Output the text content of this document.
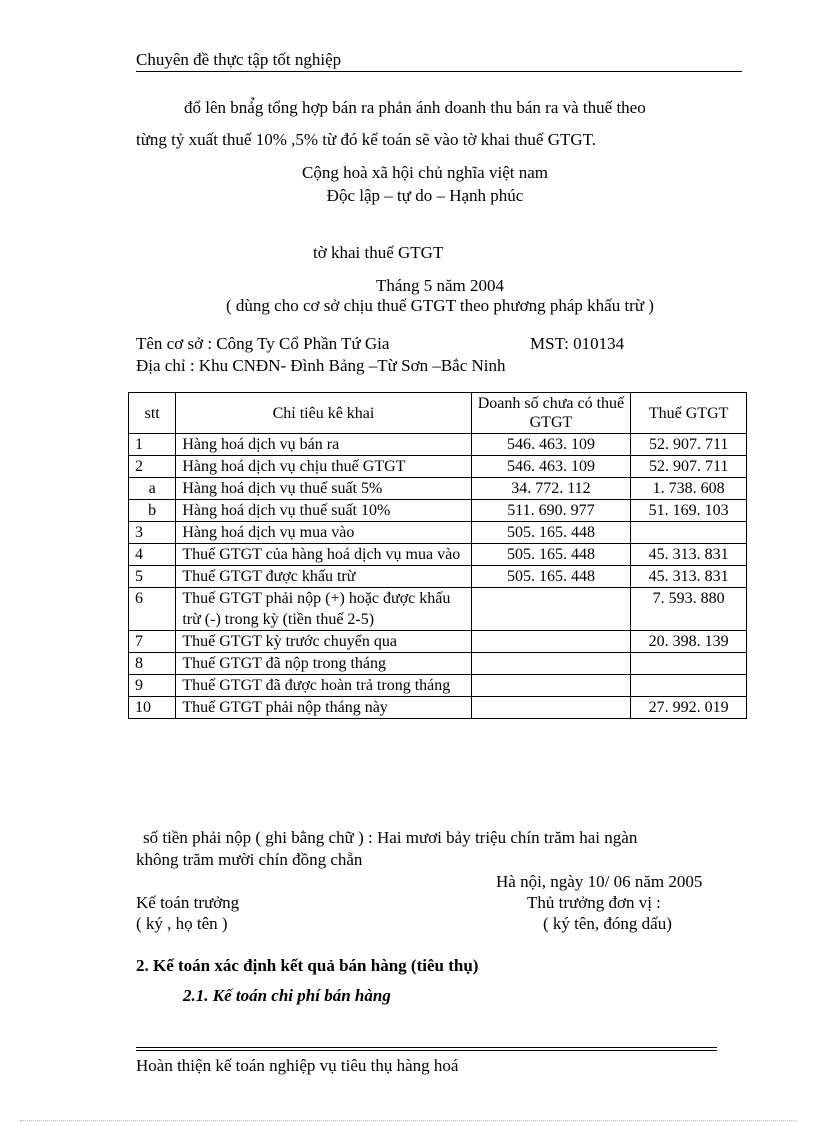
Chuyên đề thực tập tốt nghiệp
đổ lên bnả̉g tổng hợp bán ra phản ánh doanh thu bán ra và thuế theo
từng tỷ xuất thuế 10% ,5% từ đó kế toán sẽ vào tờ khai thuế GTGT.
Cộng hoà xã hội chủ nghĩa việt nam
Độc lập – tự do – Hạnh phúc
tờ khai thuế GTGT
Tháng 5 năm 2004
( dùng cho cơ sở chịu thuế GTGT theo phương pháp khấu trừ )
Tên cơ sở : Công Ty Cổ Phần Tứ Gia	MST: 010134
Địa chỉ : Khu CNĐN- Đình Bảng –Từ Sơn –Bắc Ninh
stt	Chỉ tiêu kê khai	Doanh số chưa có thuế GTGT	Thuế GTGT
1	Hàng hoá dịch vụ bán ra	546. 463. 109	52. 907. 711
2	Hàng hoá dịch vụ chịu thuế GTGT	546. 463. 109	52. 907. 711
a	Hàng hoá dịch vụ thuế suất 5%	34. 772. 112	1. 738. 608
b	Hàng hoá dịch vụ thuế suất 10%	511. 690. 977	51. 169. 103
3	Hàng hoá dịch vụ mua vào	505. 165. 448	
4	Thuế GTGT của hàng hoá dịch vụ mua vào	505. 165. 448	45. 313. 831
5	Thuế GTGT được khấu trừ	505. 165. 448	45. 313. 831
6	Thuế GTGT phải nộp (+) hoặc được khấu trừ (-) trong kỳ (tiền thuế 2-5)		7. 593. 880
7	Thuế GTGT kỳ trước chuyển qua		20. 398. 139
8	Thuế GTGT đã nộp trong tháng		
9	Thuế GTGT đã được hoàn trả trong tháng		
10	Thuế GTGT phải nộp tháng này		27. 992. 019
số tiền phải nộp ( ghi bằng chữ ) : Hai mươi bảy triệu chín trăm hai ngàn
không trăm mười chín đồng chẵn
Hà nội, ngày 10/ 06 năm 2005
Kế toán trưởng
( ký , họ tên )
Thủ trưởng đơn vị :
( ký tên, đóng dấu)
2. Kế toán xác định kết quả bán hàng (tiêu thụ)
2.1. Kế toán chi phí bán hàng
Hoàn thiện kế toán nghiệp vụ tiêu thụ hàng hoá
